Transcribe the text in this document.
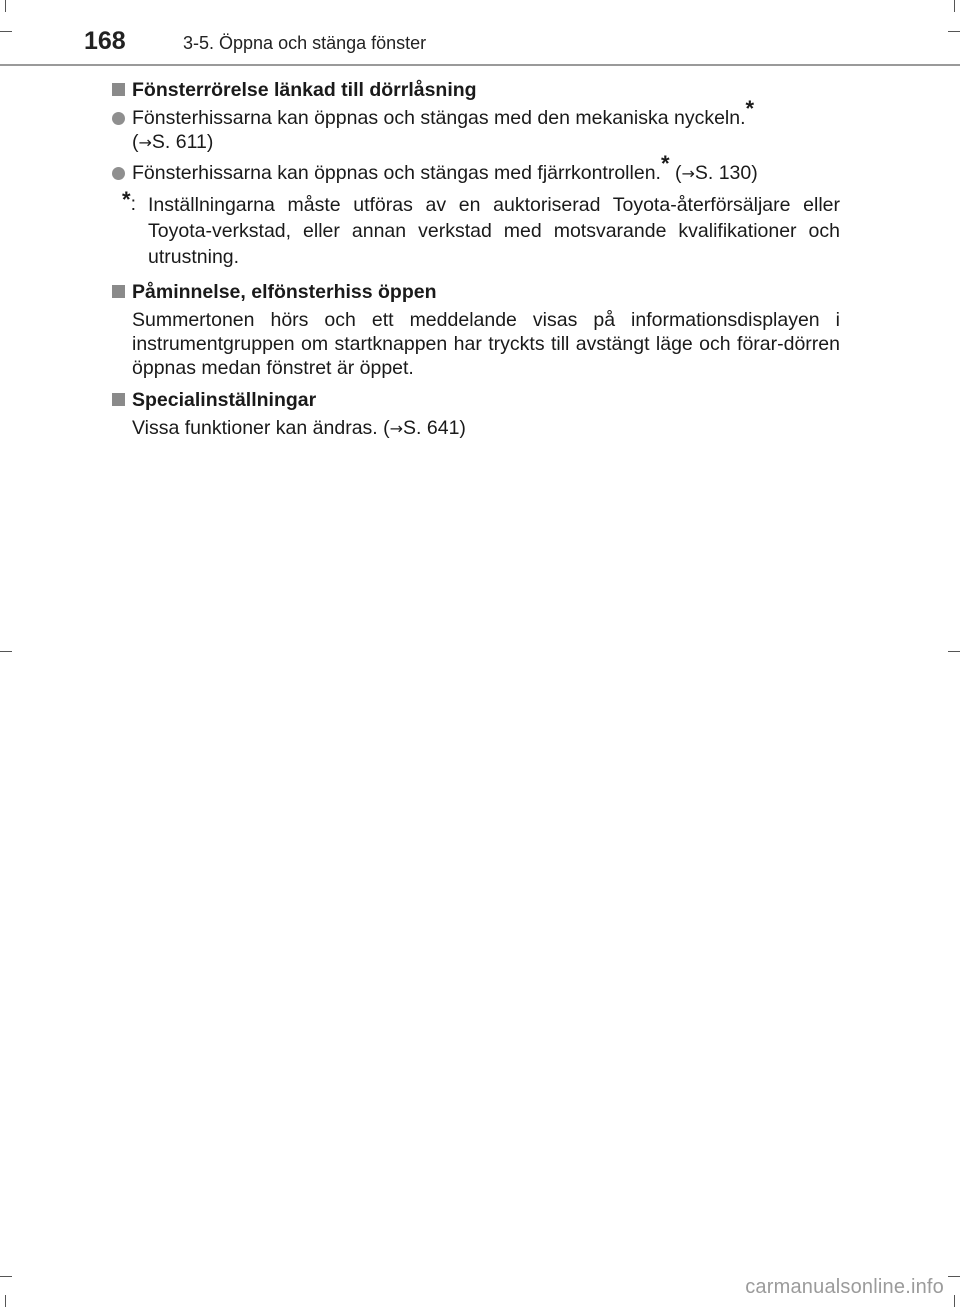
168	3-5. Öppna och stänga fönster
Fönsterrörelse länkad till dörrlåsning
Fönsterhissarna kan öppnas och stängas med den mekaniska nyckeln.*
(→S. 611)
Fönsterhissarna kan öppnas och stängas med fjärrkontrollen.* (→S. 130)
*: Inställningarna måste utföras av en auktoriserad Toyota-återförsäljare eller Toyota-verkstad, eller annan verkstad med motsvarande kvalifikationer och utrustning.
Påminnelse, elfönsterhiss öppen
Summertonen hörs och ett meddelande visas på informationsdisplayen i instrumentgruppen om startknappen har tryckts till avstängt läge och förar-dörren öppnas medan fönstret är öppet.
Specialinställningar
Vissa funktioner kan ändras. (→S. 641)
carmanualsonline.info
